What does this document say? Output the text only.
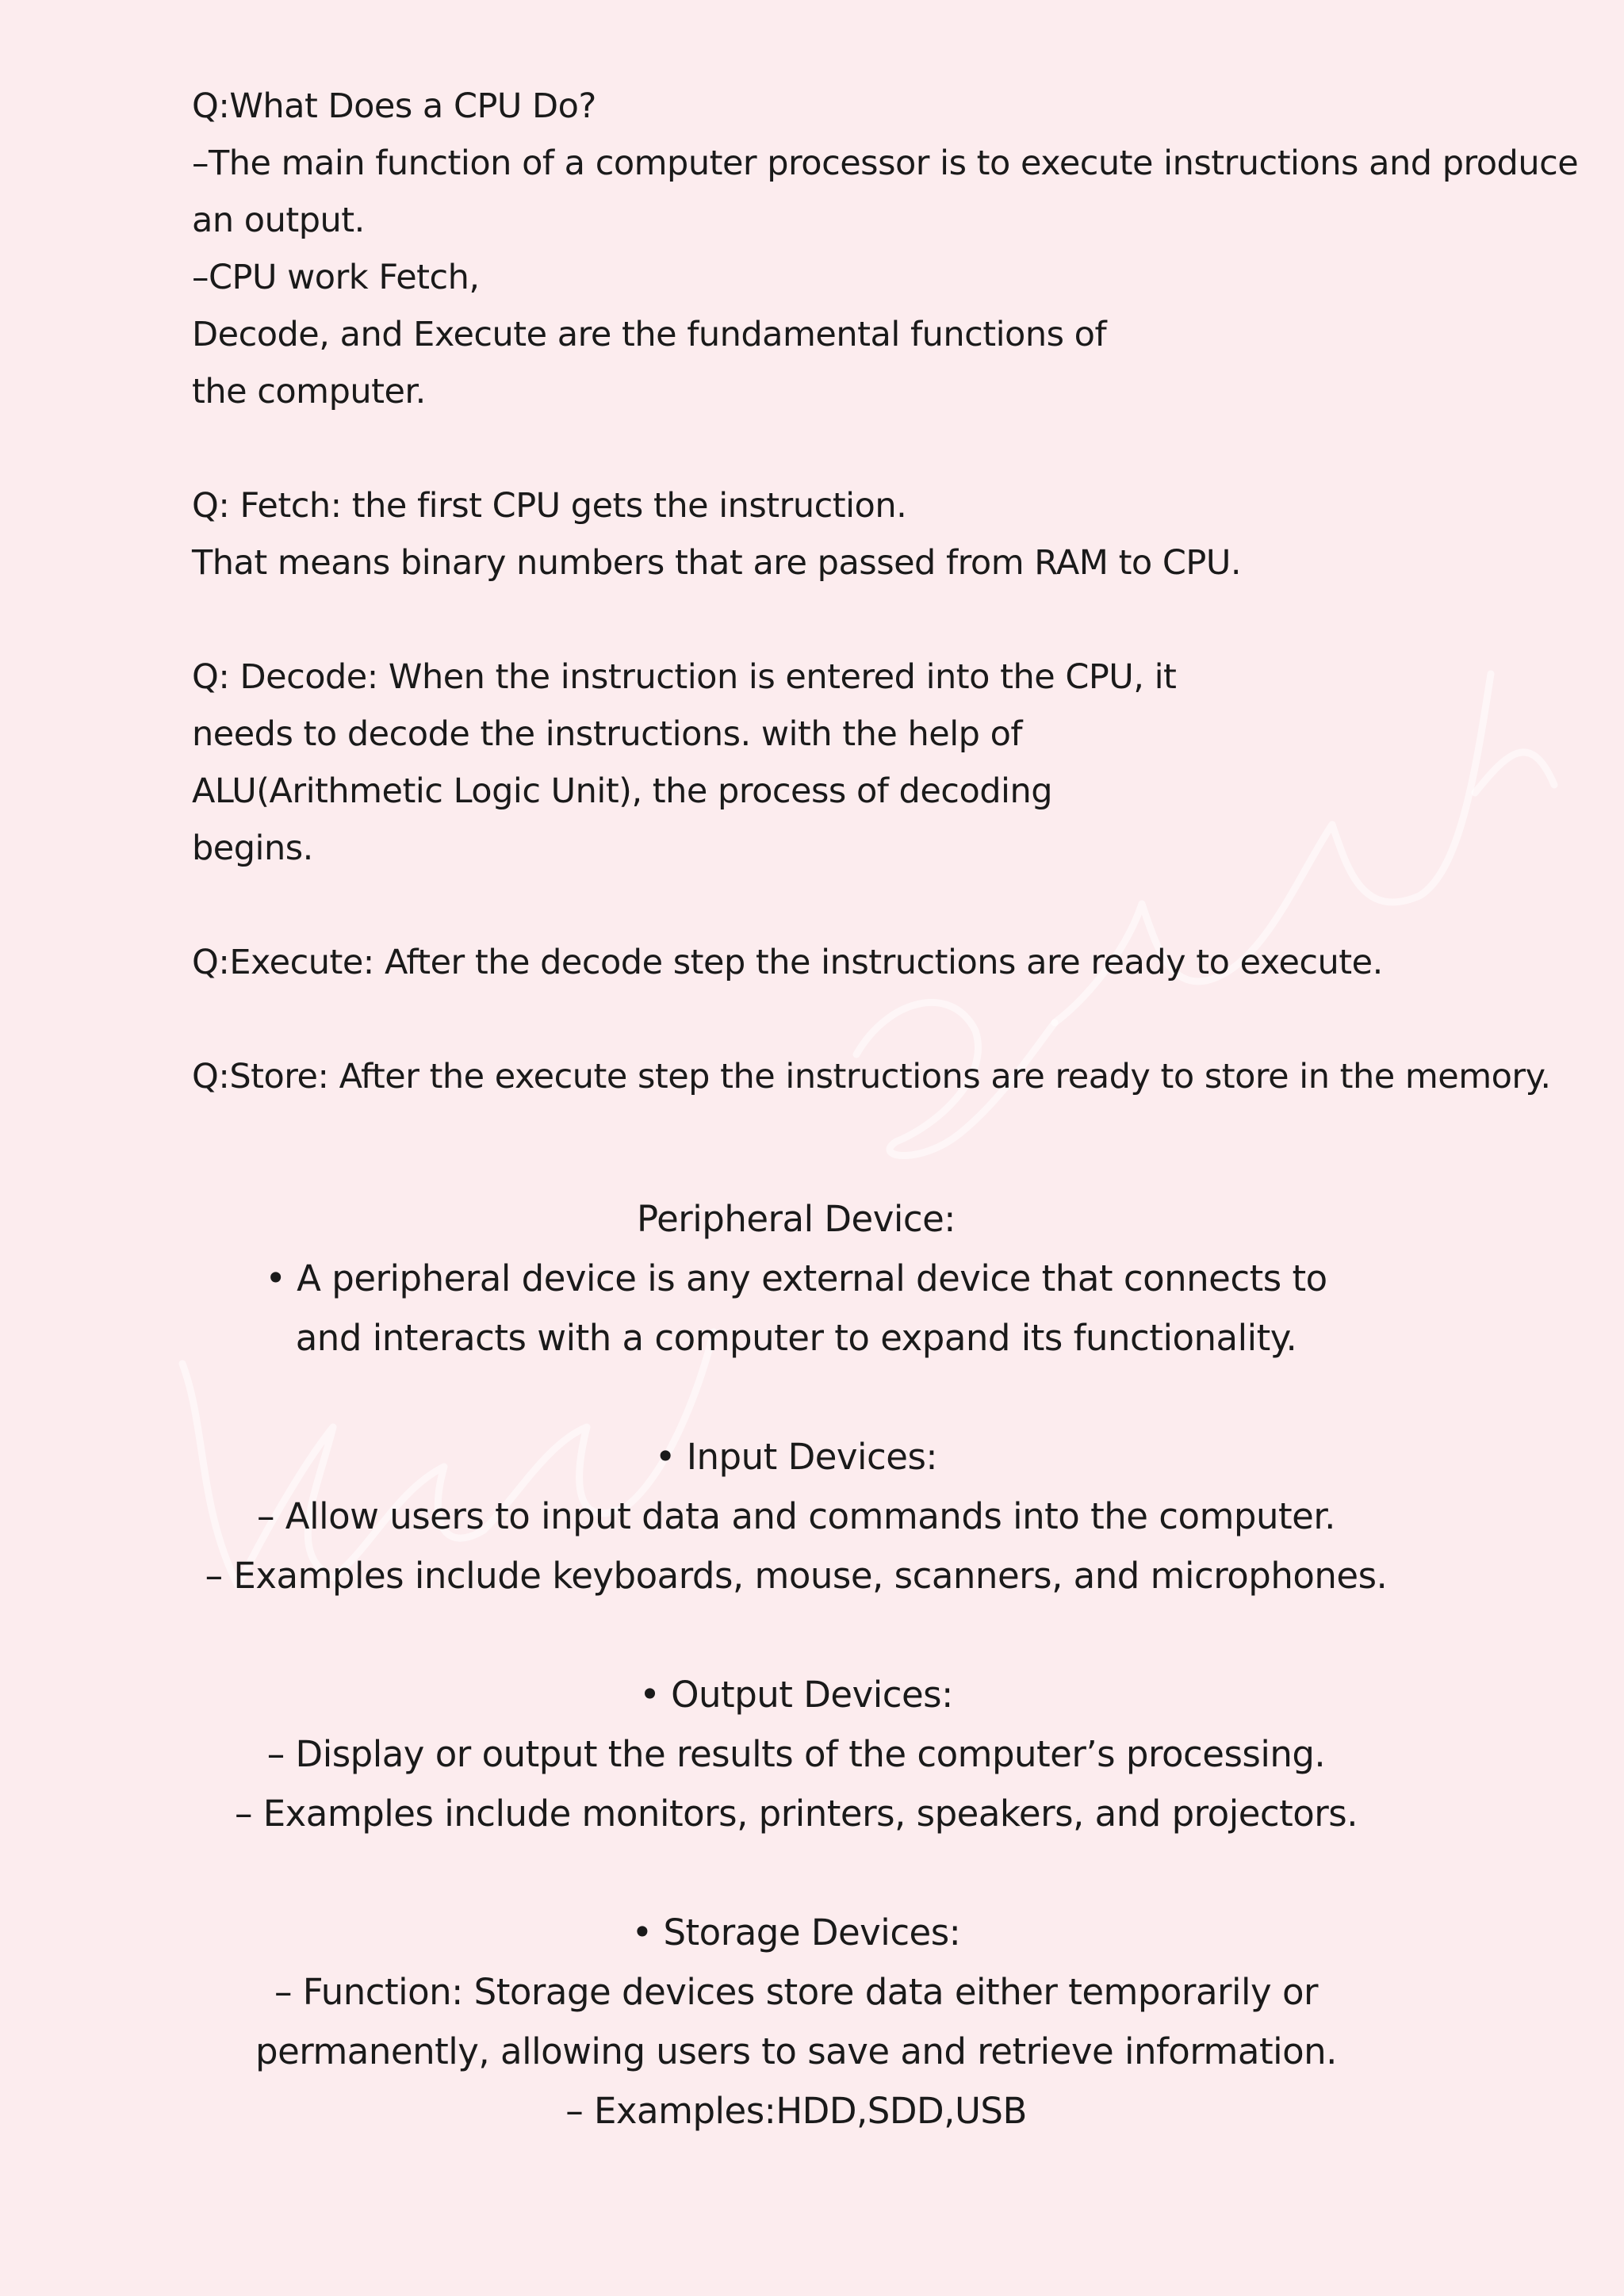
Q:What Does a CPU Do?
–The main function of a computer processor is to execute instructions and produce
an output.
–CPU work Fetch,
Decode, and Execute are the fundamental functions of
the computer.

Q: Fetch: the first CPU gets the instruction.
That means binary numbers that are passed from RAM to CPU.

Q: Decode: When the instruction is entered into the CPU, it
needs to decode the instructions. with the help of
ALU(Arithmetic Logic Unit), the process of decoding
begins.

Q:Execute: After the decode step the instructions are ready to execute.

Q:Store: After the execute step the instructions are ready to store in the memory.

Peripheral Device:
• A peripheral device is any external device that connects to
and interacts with a computer to expand its functionality.

• Input Devices:
– Allow users to input data and commands into the computer.
– Examples include keyboards, mouse, scanners, and microphones.

• Output Devices:
– Display or output the results of the computer’s processing.
– Examples include monitors, printers, speakers, and projectors.

• Storage Devices:
– Function: Storage devices store data either temporarily or
permanently, allowing users to save and retrieve information.
– Examples:HDD,SDD,USB
